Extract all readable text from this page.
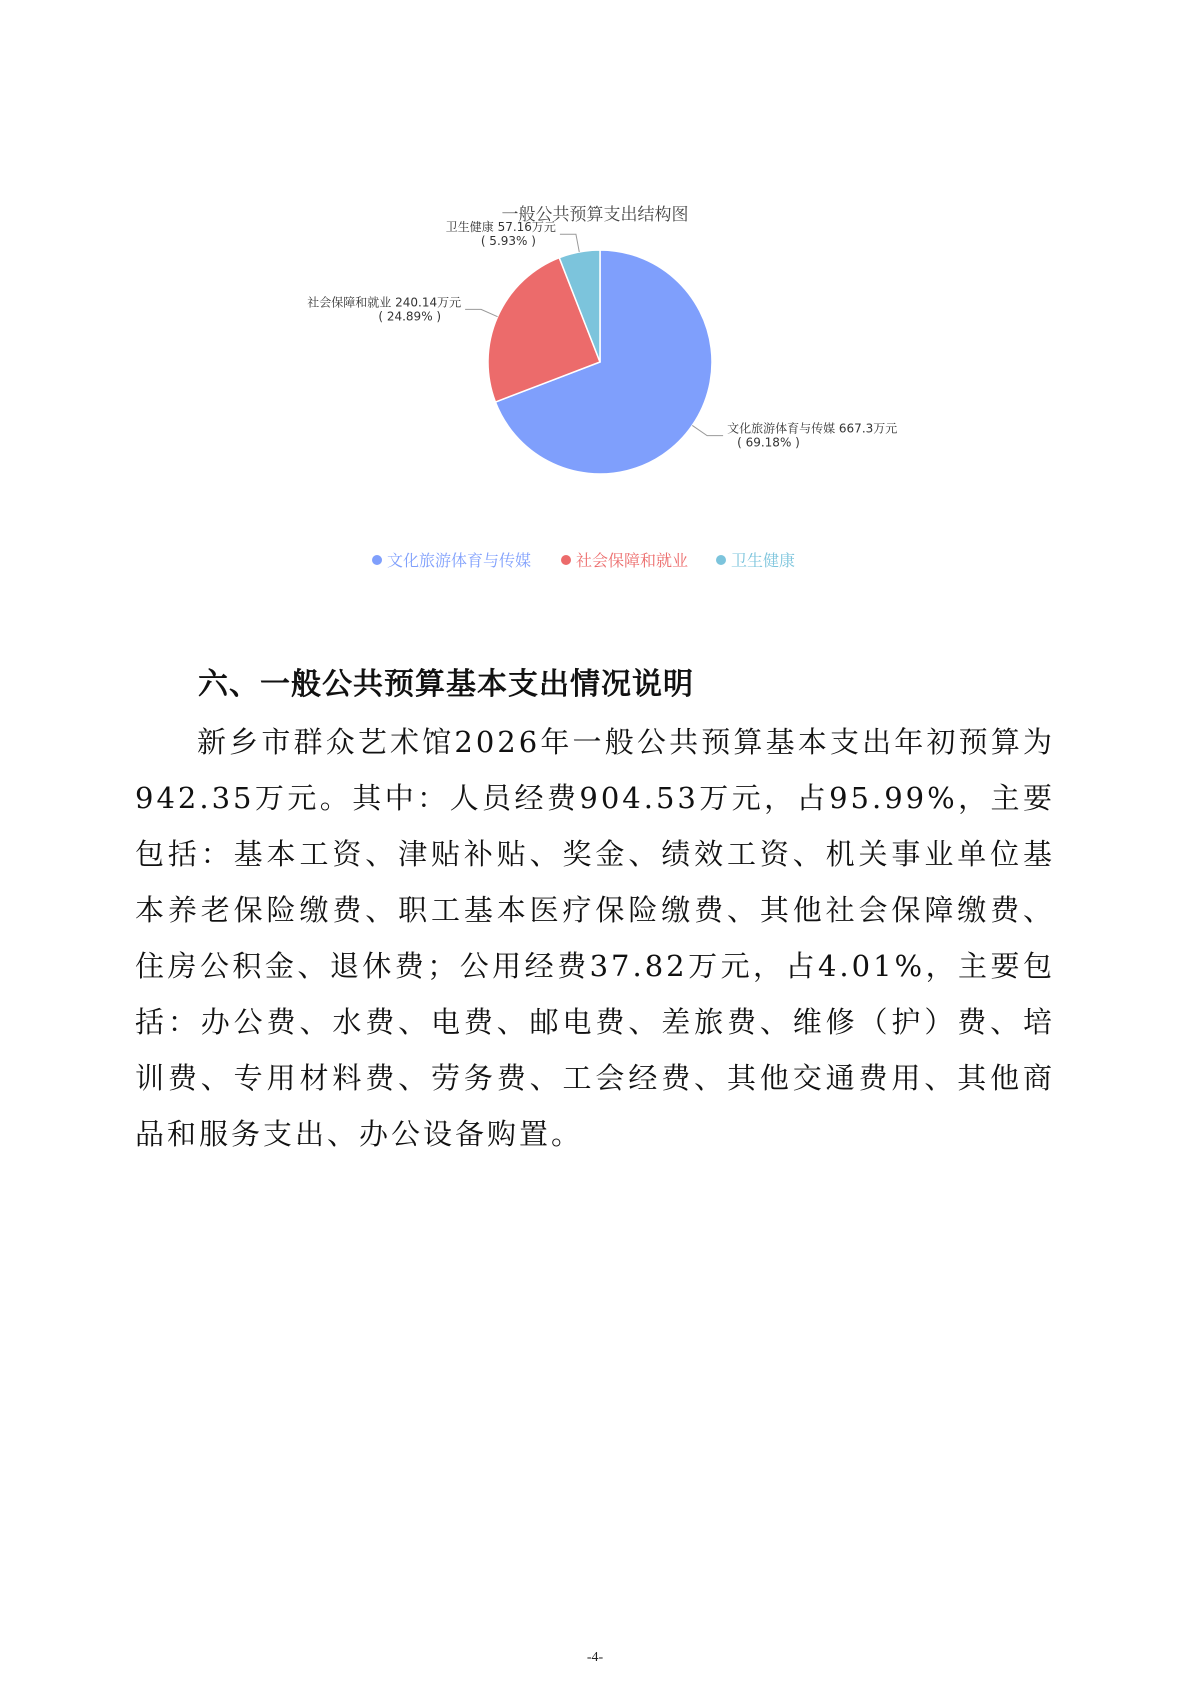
一般公共预算支出结构图
文化旅游体育与传媒 667.3万元
( 69.18% )
社会保障和就业 240.14万元
( 24.89% )
卫生健康 57.16万元
( 5.93% )
文化旅游体育与传媒	社会保障和就业	卫生健康
六、一般公共预算基本支出情况说明

新乡市群众艺术馆2026年一般公共预算基本支出年初预算为942.35万元。其中：人员经费904.53万元，占95.99%，主要包括：基本工资、津贴补贴、奖金、绩效工资、机关事业单位基本养老保险缴费、职工基本医疗保险缴费、其他社会保障缴费、住房公积金、退休费；公用经费37.82万元，占4.01%，主要包括：办公费、水费、电费、邮电费、差旅费、维修（护）费、培训费、专用材料费、劳务费、工会经费、其他交通费用、其他商品和服务支出、办公设备购置。

-4-
